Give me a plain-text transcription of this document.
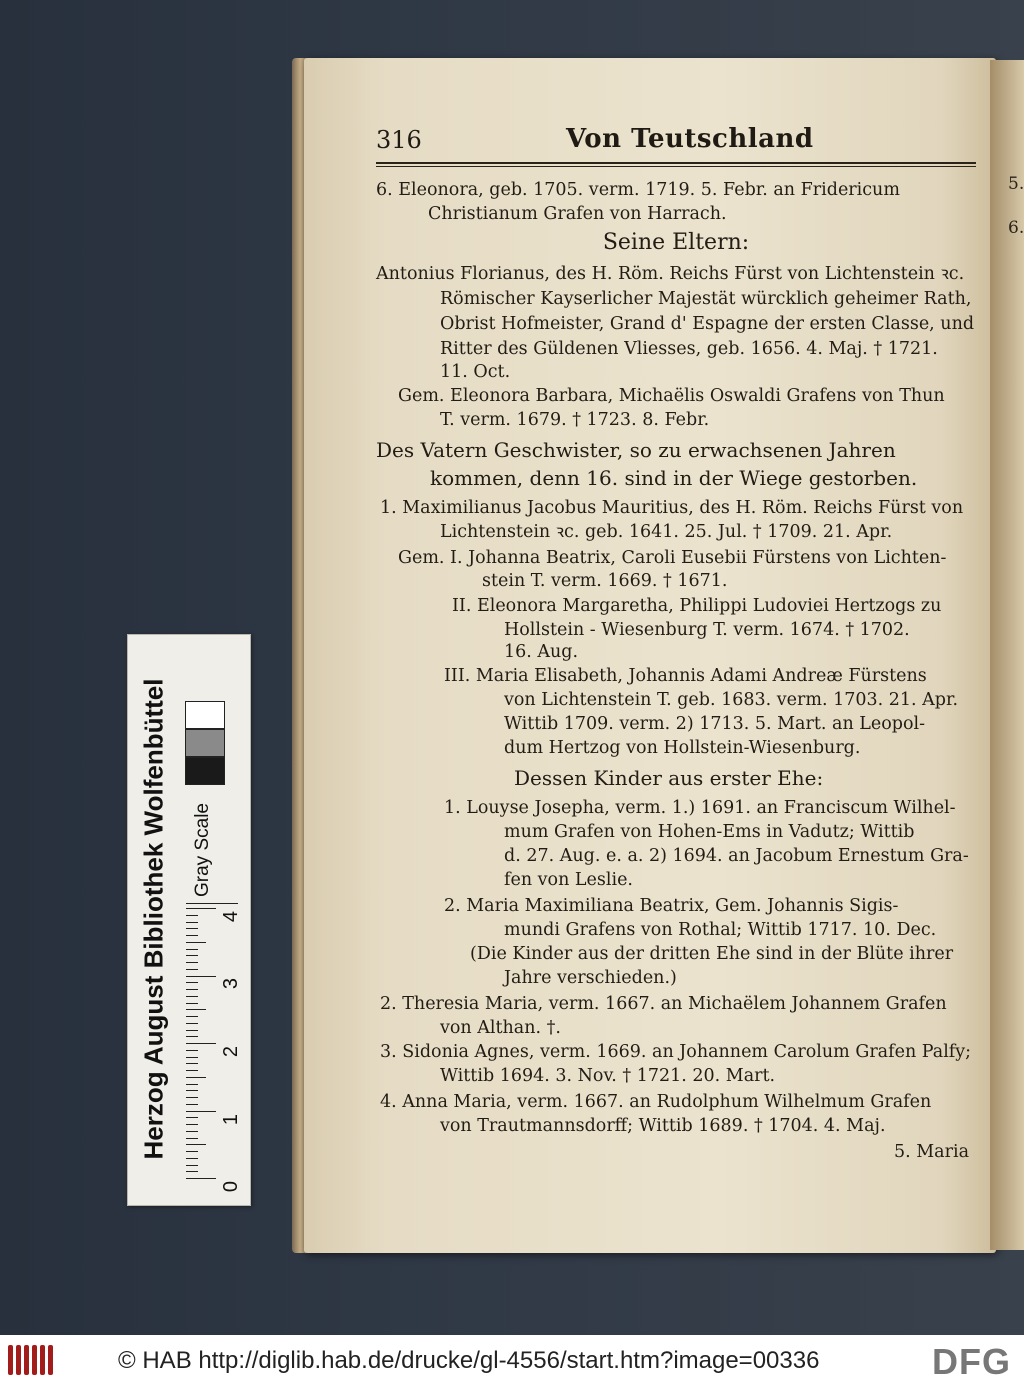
5.
6.
316	Von Teutschland
6. Eleonora, geb. 1705. verm. 1719. 5. Febr. an Fridericum
Christianum Grafen von Harrach.
Seine Eltern:
Antonius Florianus, des H. Röm. Reichs Fürst von Lichtenstein ꝛc.
Römischer Kayserlicher Majestät würcklich geheimer Rath,
Obrist Hofmeister, Grand d' Espagne der ersten Classe, und
Ritter des Güldenen Vliesses, geb. 1656. 4. Maj. † 1721.
11. Oct.
Gem. Eleonora Barbara, Michaëlis Oswaldi Grafens von Thun
T. verm. 1679. † 1723. 8. Febr.
Des Vatern Geschwister, so zu erwachsenen Jahren
kommen, denn 16. sind in der Wiege gestorben.
1. Maximilianus Jacobus Mauritius, des H. Röm. Reichs Fürst von
Lichtenstein ꝛc. geb. 1641. 25. Jul. † 1709. 21. Apr.
Gem. I. Johanna Beatrix, Caroli Eusebii Fürstens von Lichten-
stein T. verm. 1669. † 1671.
II. Eleonora Margaretha, Philippi Ludoviei Hertzogs zu
Hollstein - Wiesenburg T. verm. 1674. † 1702.
16. Aug.
III. Maria Elisabeth, Johannis Adami Andreæ Fürstens
von Lichtenstein T. geb. 1683. verm. 1703. 21. Apr.
Wittib 1709. verm. 2) 1713. 5. Mart. an Leopol-
dum Hertzog von Hollstein-Wiesenburg.
Dessen Kinder aus erster Ehe:
1. Louyse Josepha, verm. 1.) 1691. an Franciscum Wilhel-
mum Grafen von Hohen-Ems in Vadutz; Wittib
d. 27. Aug. e. a. 2) 1694. an Jacobum Ernestum Gra-
fen von Leslie.
2. Maria Maximiliana Beatrix, Gem. Johannis Sigis-
mundi Grafens von Rothal; Wittib 1717. 10. Dec.
(Die Kinder aus der dritten Ehe sind in der Blüte ihrer
Jahre verschieden.)
2. Theresia Maria, verm. 1667. an Michaëlem Johannem Grafen
von Althan. †.
3. Sidonia Agnes, verm. 1669. an Johannem Carolum Grafen Palfy;
Wittib 1694. 3. Nov. † 1721. 20. Mart.
4. Anna Maria, verm. 1667. an Rudolphum Wilhelmum Grafen
von Trautmannsdorff; Wittib 1689. † 1704. 4. Maj.
5. Maria
Herzog August Bibliothek Wolfenbüttel Gray Scale
0
1
2
3
4
© HAB http://diglib.hab.de/drucke/gl-4556/start.htm?image=00336	DFG
